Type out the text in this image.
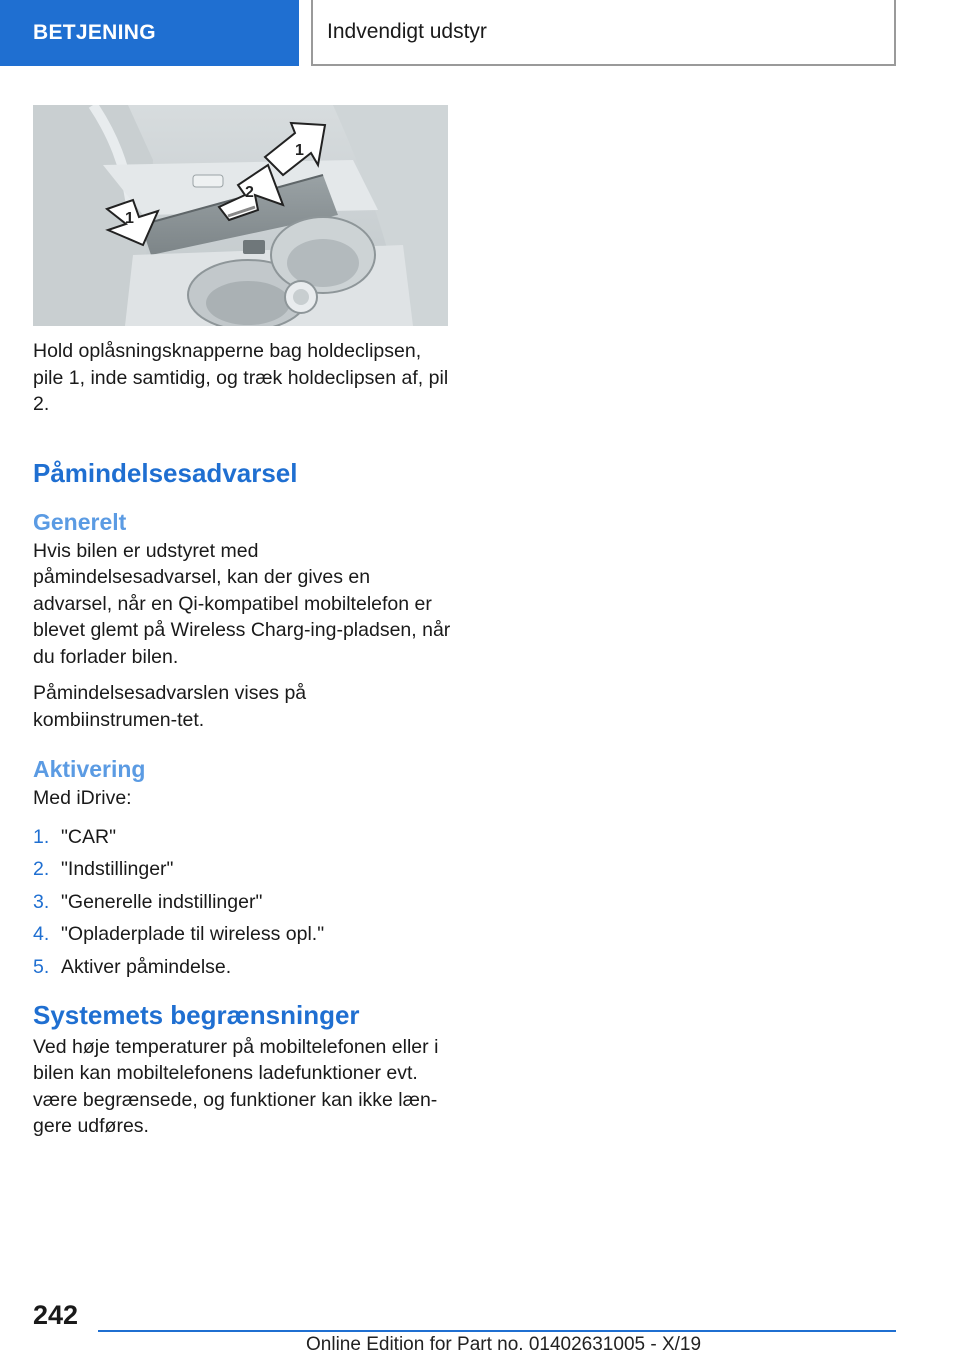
BETJENING	Indvendigt udstyr
1
2
1

Hold oplåsningsknapperne bag holdeclipsen, pile 1, inde samtidig, og træk holdeclipsen af, pil 2.

Påmindelsesadvarsel
Generelt

Hvis bilen er udstyret med påmindelsesadvarsel, kan der gives en advarsel, når en Qi-kompatibel mobiltelefon er blevet glemt på Wireless Charg-ing-pladsen, når du forlader bilen.

Påmindelsesadvarslen vises på kombiinstrumen-tet.

Aktivering

Med iDrive:

1. "CAR"
2. "Indstillinger"
3. "Generelle indstillinger"
4. "Opladerplade til wireless opl."
5. Aktiver påmindelse.
Systemets begrænsninger

Ved høje temperaturer på mobiltelefonen eller i bilen kan mobiltelefonens ladefunktioner evt. være begrænsede, og funktioner kan ikke læn-gere udføres.

242
Online Edition for Part no. 01402631005 - X/19
